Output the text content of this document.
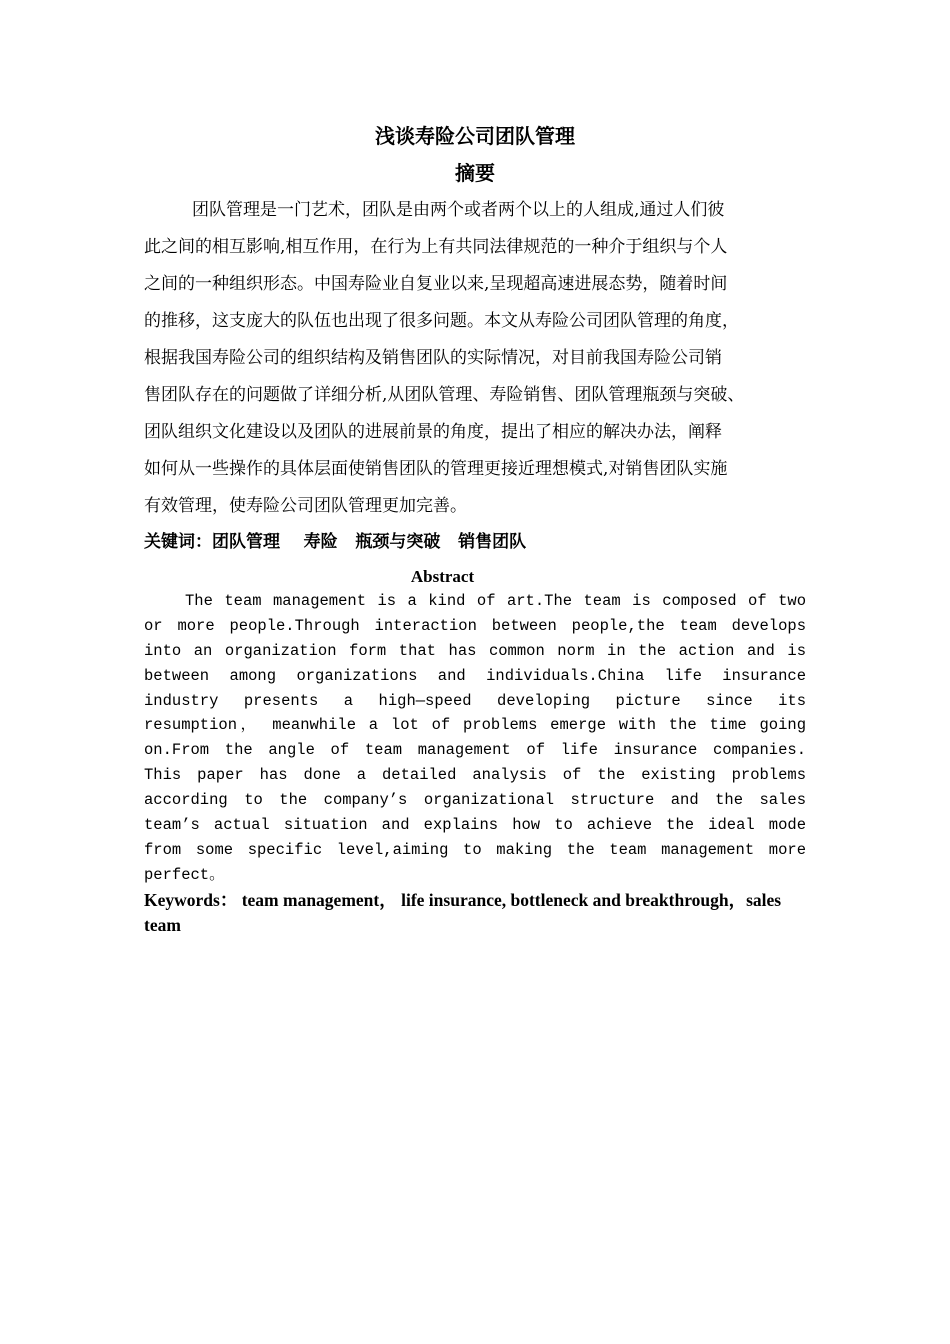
浅谈寿险公司团队管理
摘要
团队管理是一门艺术，团队是由两个或者两个以上的人组成,通过人们彼
此之间的相互影响,相互作用，在行为上有共同法律规范的一种介于组织与个人
之间的一种组织形态。中国寿险业自复业以来,呈现超高速进展态势，随着时间
的推移，这支庞大的队伍也出现了很多问题。本文从寿险公司团队管理的角度，
根据我国寿险公司的组织结构及销售团队的实际情况，对目前我国寿险公司销
售团队存在的问题做了详细分析,从团队管理、寿险销售、团队管理瓶颈与突破、
团队组织文化建设以及团队的进展前景的角度，提出了相应的解决办法，阐释
如何从一些操作的具体层面使销售团队的管理更接近理想模式,对销售团队实施
有效管理，使寿险公司团队管理更加完善。
关键词：团队管理    寿险   瓶颈与突破   销售团队
Abstract
The team management is a kind of art.The team is composed of two
or more people.Through interaction between people,the team develops
into an organization form that has common norm in the action and is
between among organizations and individuals.China life insurance
industry presents a high—speed developing picture since its
resumption， meanwhile a lot of problems emerge with the time going
on.From the angle of team management of life insurance companies.
This paper has done a detailed analysis of the existing problems
according to the company’s organizational structure and the sales
team’s actual situation and explains how to achieve the ideal mode
from some specific level,aiming to making the team management more
perfect。
Keywords： team management， life insurance, bottleneck and breakthrough，sales team
